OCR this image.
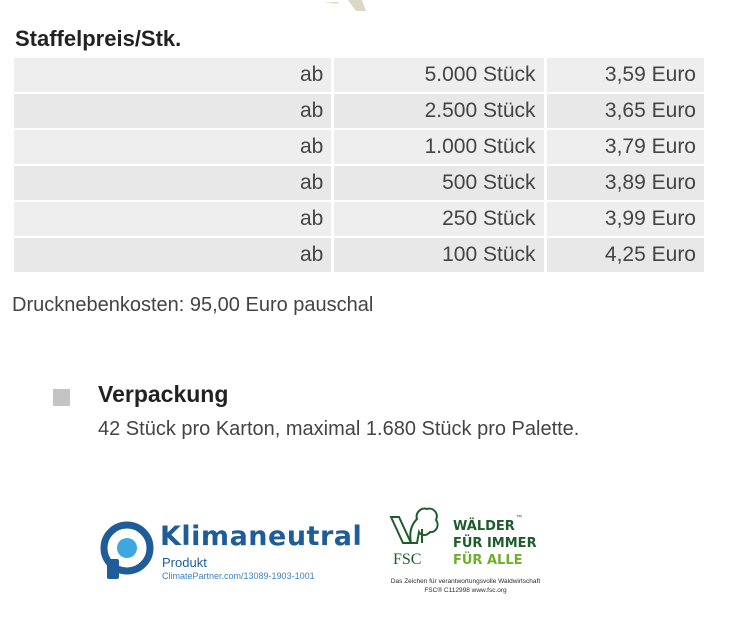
Staffelpreis/Stk.
ab	5.000 Stück	3,59 Euro
ab	2.500 Stück	3,65 Euro
ab	1.000 Stück	3,79 Euro
ab	500 Stück	3,89 Euro
ab	250 Stück	3,99 Euro
ab	100 Stück	4,25 Euro
Drucknebenkosten: 95,00 Euro pauschal
Verpackung
42 Stück pro Karton, maximal 1.680 Stück pro Palette.
Klimaneutral
Produkt
ClimatePartner.com/13089-1903-1001
FSC
™
WÄLDER
FÜR IMMER
FÜR ALLE
Das Zeichen für verantwortungsvolle Waldwirtschaft
FSC® C112998 www.fsc.org
